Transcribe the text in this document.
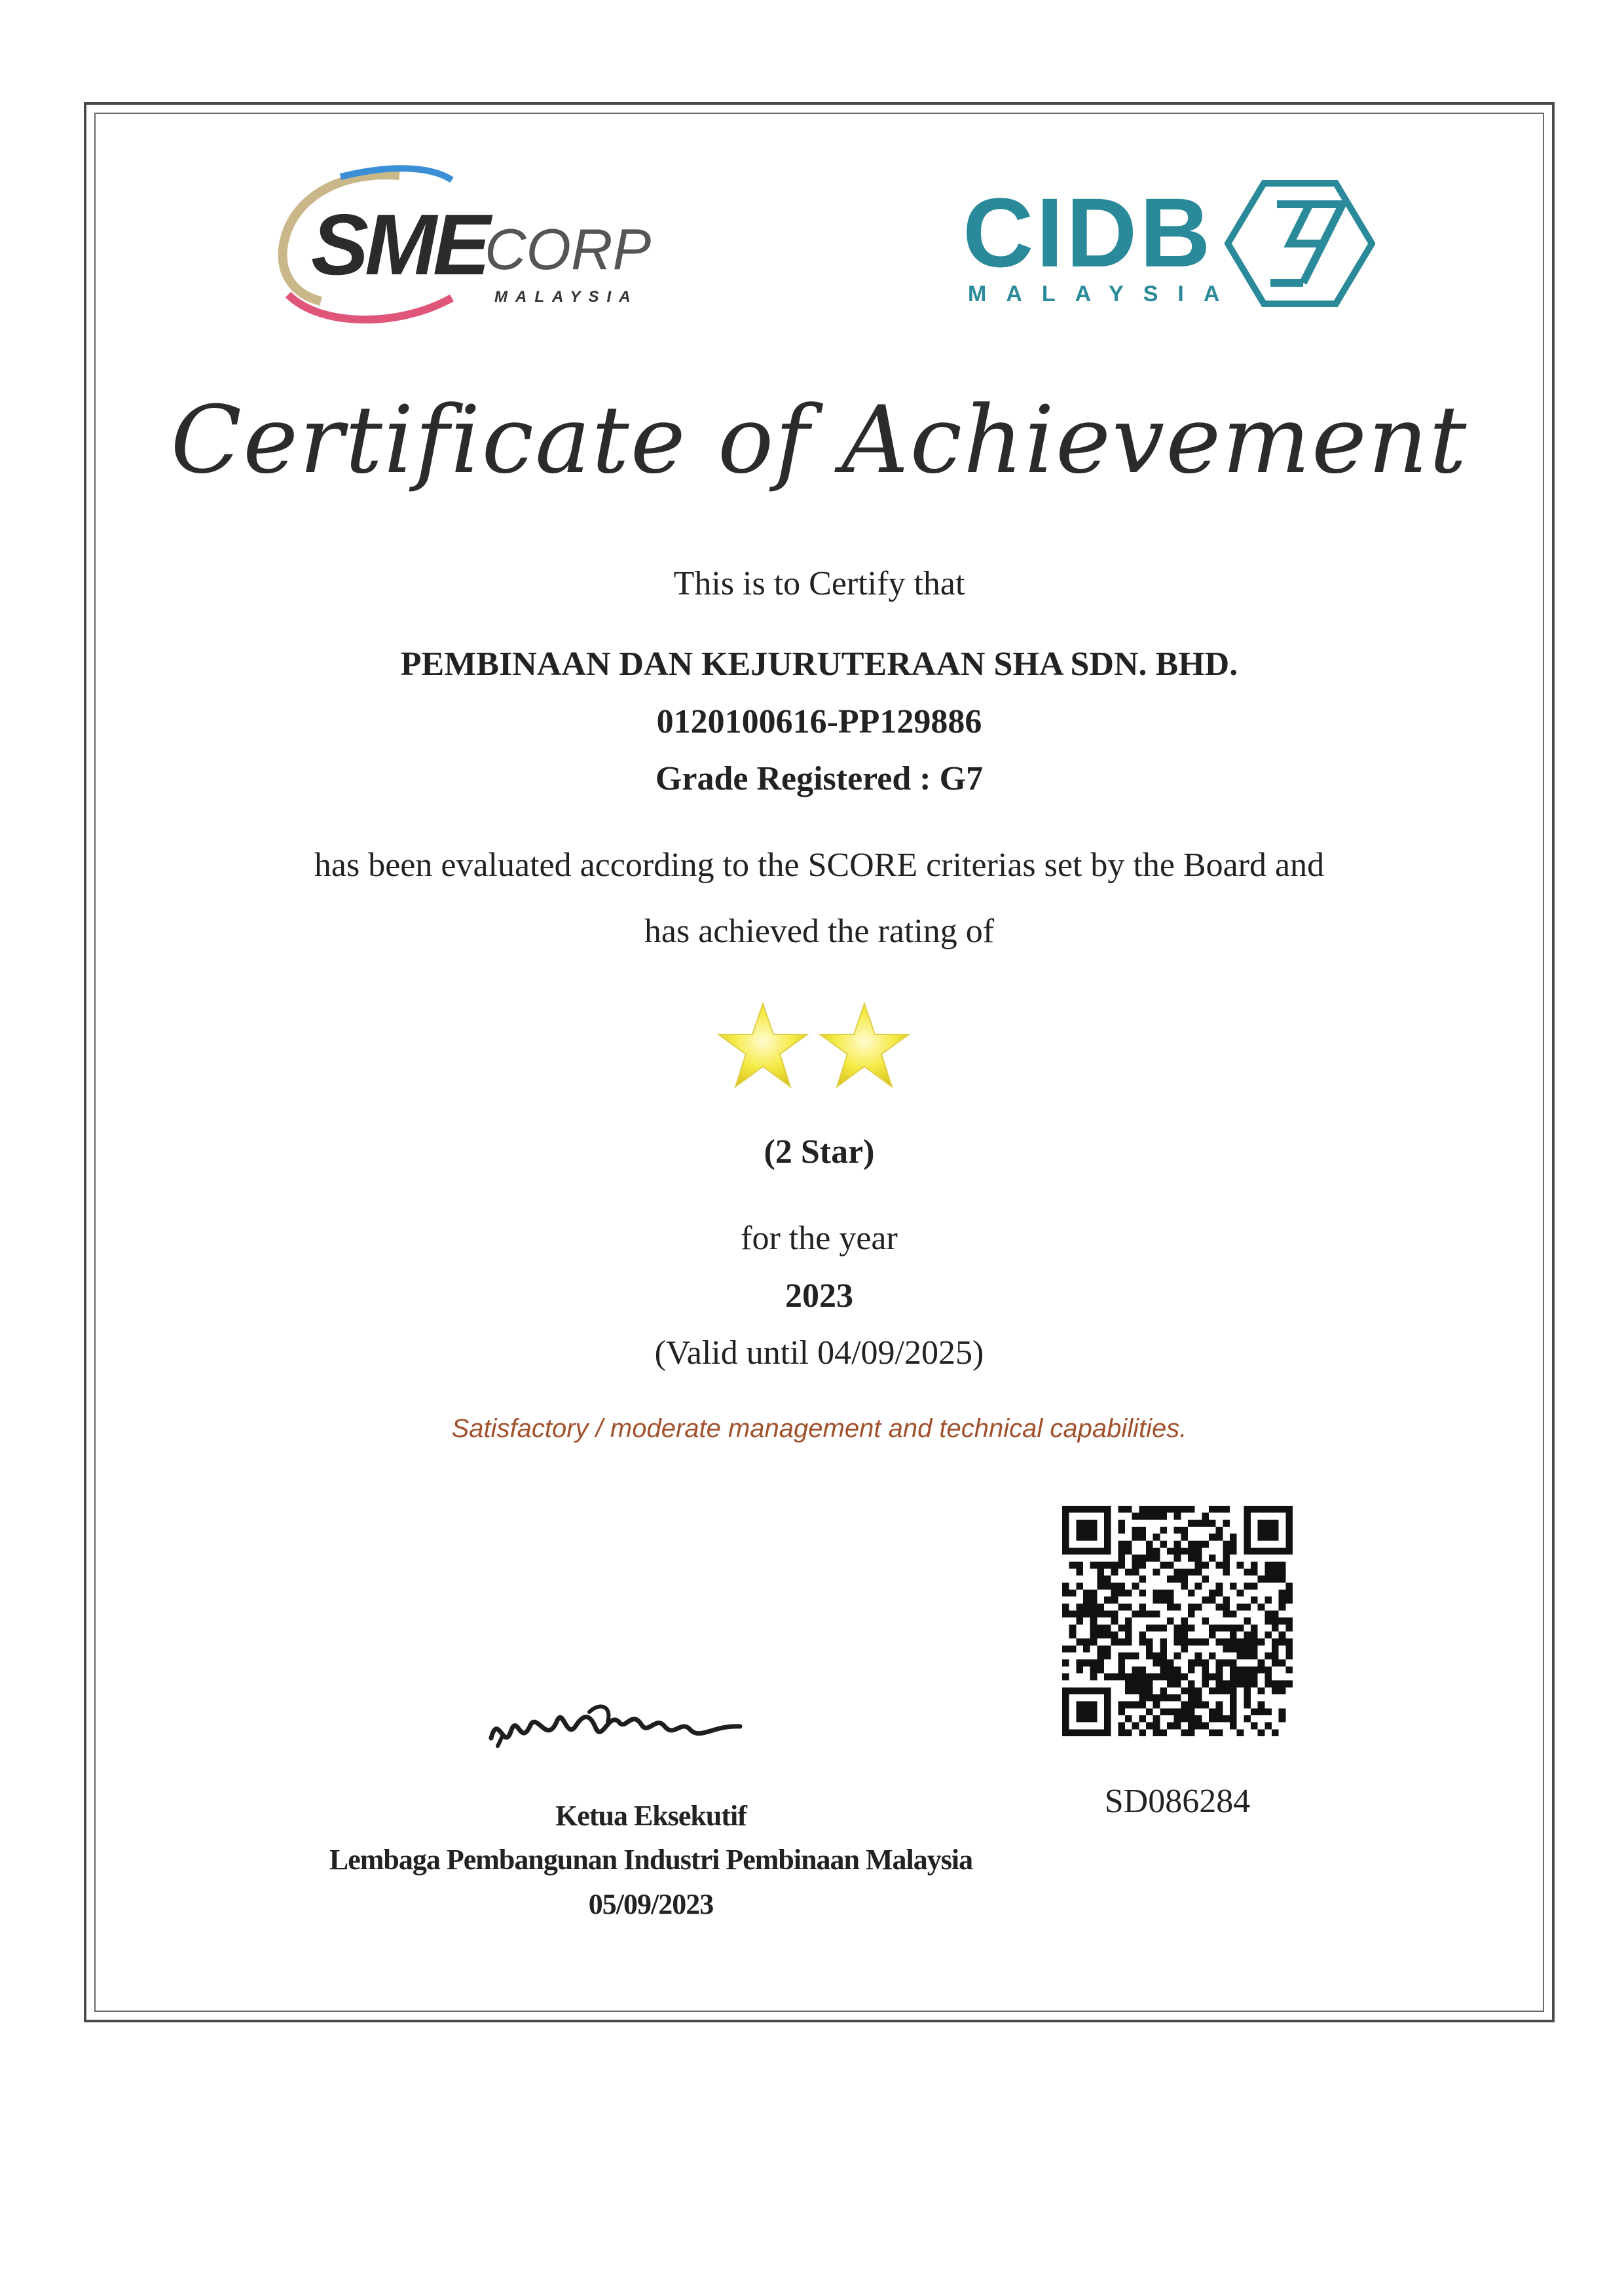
SME
CORP
MALAYSIA
CIDB
MALAYSIA
Certificate of Achievement
This is to Certify that
PEMBINAAN DAN KEJURUTERAAN SHA SDN. BHD.
0120100616-PP129886
Grade Registered : G7
has been evaluated according to the SCORE criterias set by the Board and
has achieved the rating of
(2 Star)
for the year
2023
(Valid until 04/09/2025)
Satisfactory / moderate management and technical capabilities.
SD086284
Ketua Eksekutif
Lembaga Pembangunan Industri Pembinaan Malaysia
05/09/2023
